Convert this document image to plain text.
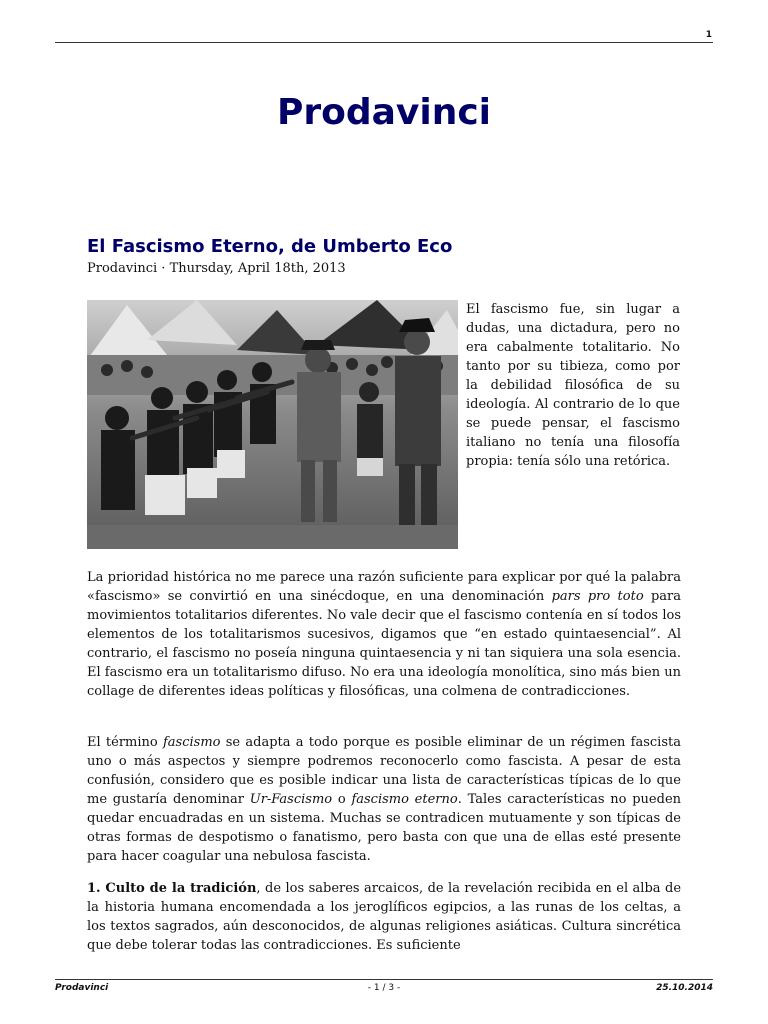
1
Prodavinci
El Fascismo Eterno, de Umberto Eco
Prodavinci · Thursday, April 18th, 2013

El fascismo fue, sin lugar a dudas, una dictadura, pero no era cabalmente totalitario. No tanto por su tibieza, como por la debilidad filosófica de su ideología. Al contrario de lo que se puede pensar, el fascismo italiano no tenía una filosofía propia: tenía sólo una retórica.

La prioridad histórica no me parece una razón suficiente para explicar por qué la palabra «fascismo» se convirtió en una sinécdoque, en una denominación pars pro toto para movimientos totalitarios diferentes. No vale decir que el fascismo contenía en sí todos los elementos de los totalitarismos sucesivos, digamos que “en estado quintaesencial”. Al contrario, el fascismo no poseía ninguna quintaesencia y ni tan siquiera una sola esencia. El fascismo era un totalitarismo difuso. No era una ideología monolítica, sino más bien un collage de diferentes ideas políticas y filosóficas, una colmena de contradicciones.

El término fascismo se adapta a todo porque es posible eliminar de un régimen fascista uno o más aspectos y siempre podremos reconocerlo como fascista. A pesar de esta confusión, considero que es posible indicar una lista de características típicas de lo que me gustaría denominar Ur-Fascismo o fascismo eterno. Tales características no pueden quedar encuadradas en un sistema. Muchas se contradicen mutuamente y son típicas de otras formas de despotismo o fanatismo, pero basta con que una de ellas esté presente para hacer coagular una nebulosa fascista.

1. Culto de la tradición, de los saberes arcaicos, de la revelación recibida en el alba de la historia humana encomendada a los jeroglíficos egipcios, a las runas de los celtas, a los textos sagrados, aún desconocidos, de algunas religiones asiáticas. Cultura sincrética que debe tolerar todas las contradicciones. Es suficiente

Prodavinci	- 1 / 3 -	25.10.2014
